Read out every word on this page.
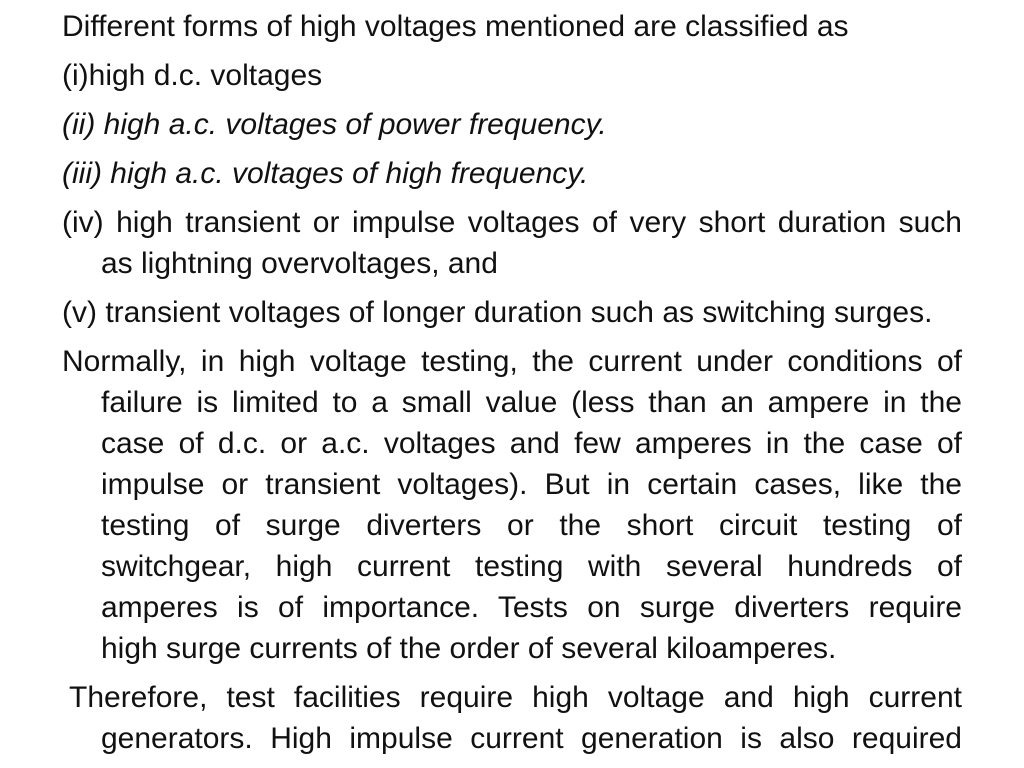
Different forms of high voltages mentioned are classified as

(i)high d.c. voltages

(ii) high a.c. voltages of power frequency.

(iii) high a.c. voltages of high frequency.

(iv) high transient or impulse voltages of very short duration such
as lightning overvoltages, and

(v) transient voltages of longer duration such as switching surges.

Normally, in high voltage testing, the current under conditions of
failure is limited to a small value (less than an ampere in the
case of d.c. or a.c. voltages and few amperes in the case of
impulse or transient voltages). But in certain cases, like the
testing of surge diverters or the short circuit testing of
switchgear, high current testing with several hundreds of
amperes is of importance. Tests on surge diverters require
high surge currents of the order of several kiloamperes.

Therefore, test facilities require high voltage and high current
generators. High impulse current generation is also required
